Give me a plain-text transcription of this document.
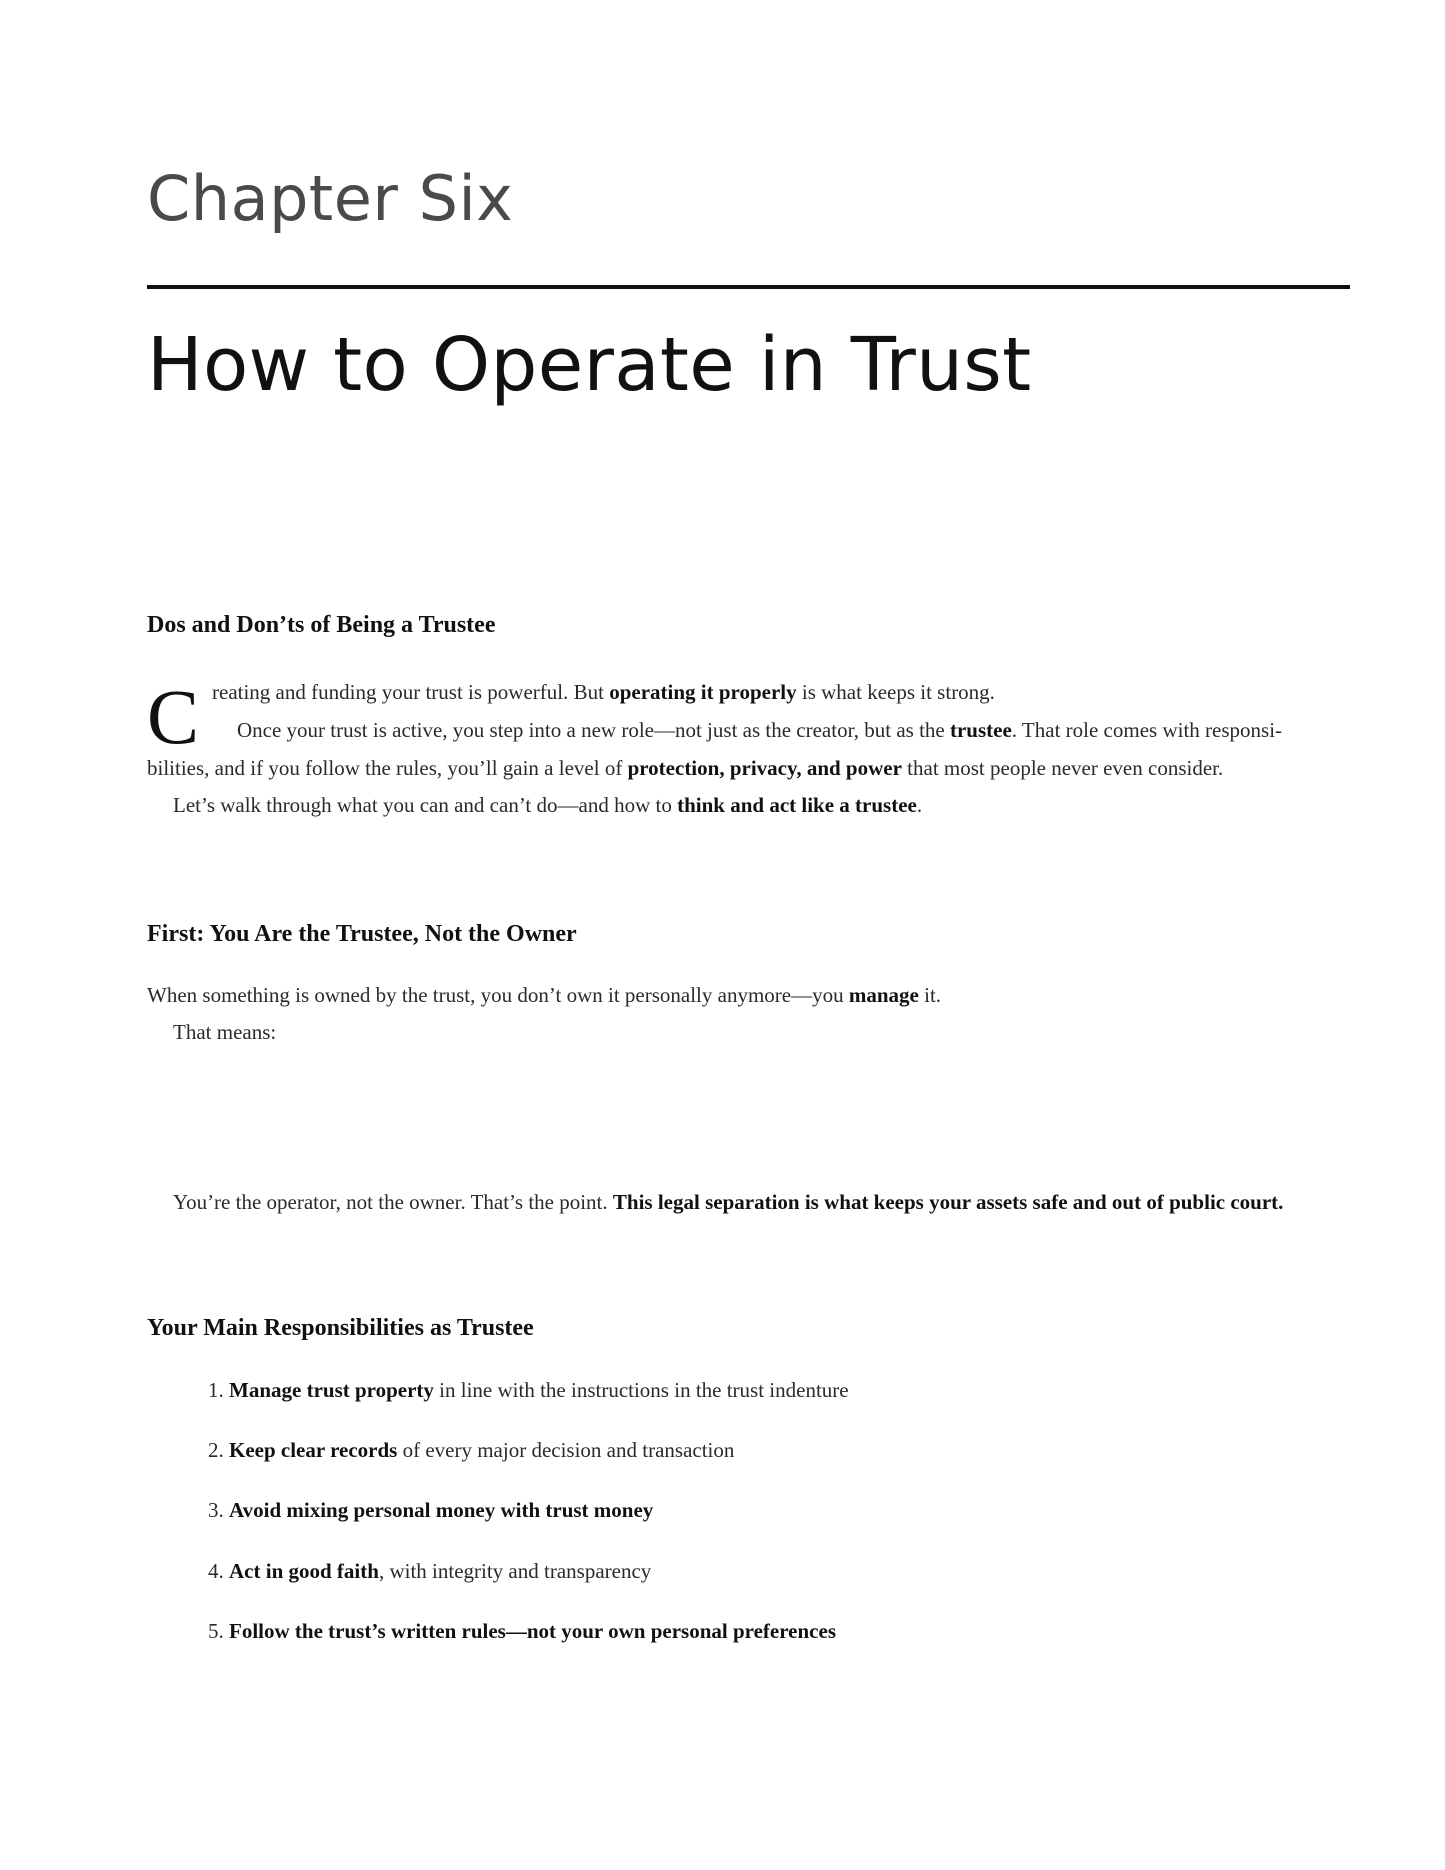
Chapter Six
How to Operate in Trust
Dos and Don’ts of Being a Trustee
C reating and funding your trust is powerful. But operating it properly is what keeps it strong.
Once your trust is active, you step into a new role—not just as the creator, but as the trustee. That role comes with responsi-
bilities, and if you follow the rules, you’ll gain a level of protection, privacy, and power that most people never even consider.
Let’s walk through what you can and can’t do—and how to think and act like a trustee.
First: You Are the Trustee, Not the Owner
When something is owned by the trust, you don’t own it personally anymore—you manage it.
That means:
You’re the operator, not the owner. That’s the point. This legal separation is what keeps your assets safe and out of public court.
Your Main Responsibilities as Trustee
1. Manage trust property in line with the instructions in the trust indenture
2. Keep clear records of every major decision and transaction
3. Avoid mixing personal money with trust money
4. Act in good faith, with integrity and transparency
5. Follow the trust’s written rules—not your own personal preferences
